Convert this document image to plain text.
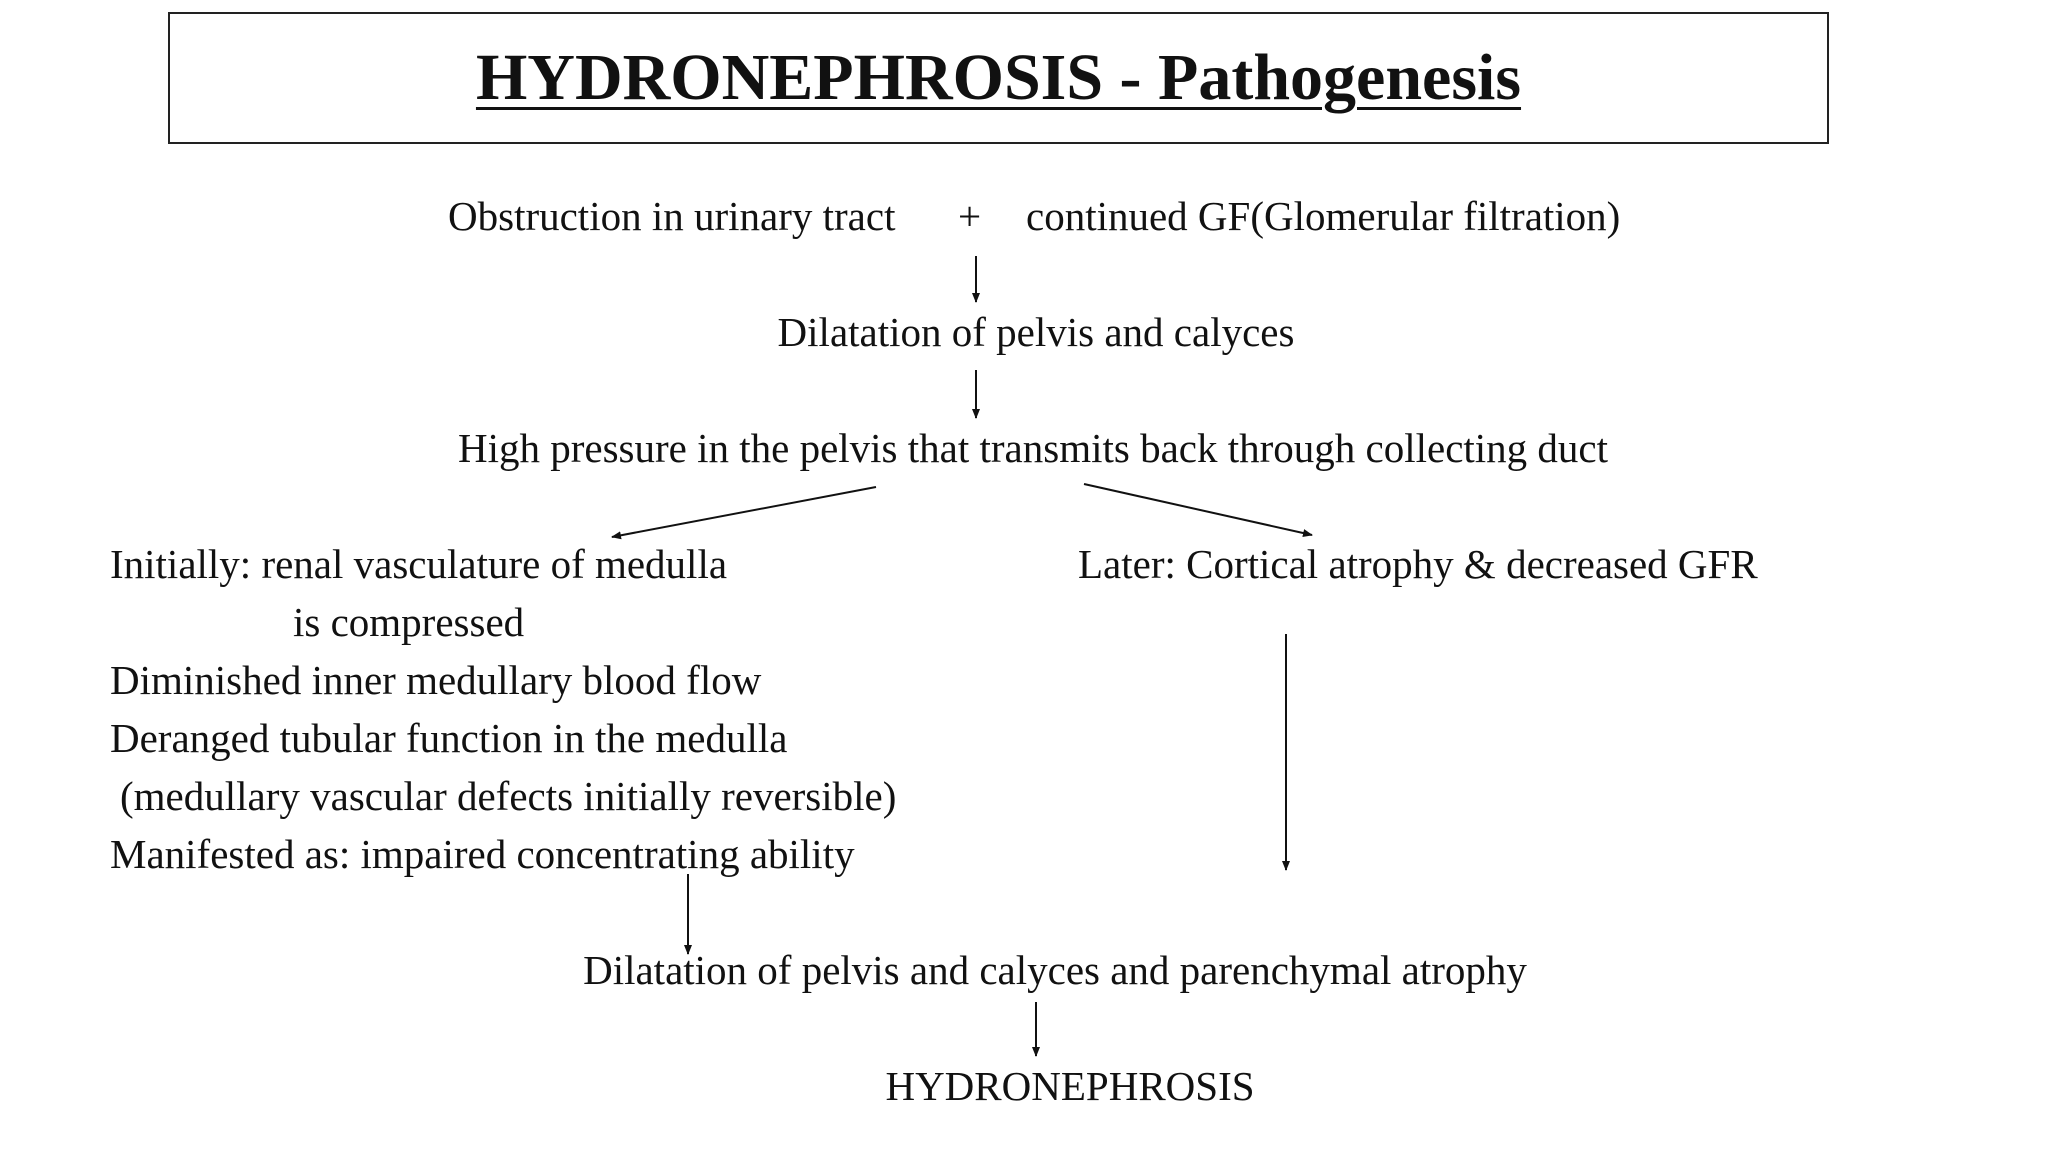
HYDRONEPHROSIS - Pathogenesis
Obstruction in urinary tract + continued GF(Glomerular filtration)
Dilatation of pelvis and calyces
High pressure in the pelvis that transmits back through collecting duct
Initially: renal vasculature of medulla
is compressed
Diminished inner medullary blood flow
Deranged tubular function in the medulla
(medullary vascular defects initially reversible)
Manifested as: impaired concentrating ability
Later: Cortical atrophy & decreased GFR
Dilatation of pelvis and calyces and parenchymal atrophy
HYDRONEPHROSIS
